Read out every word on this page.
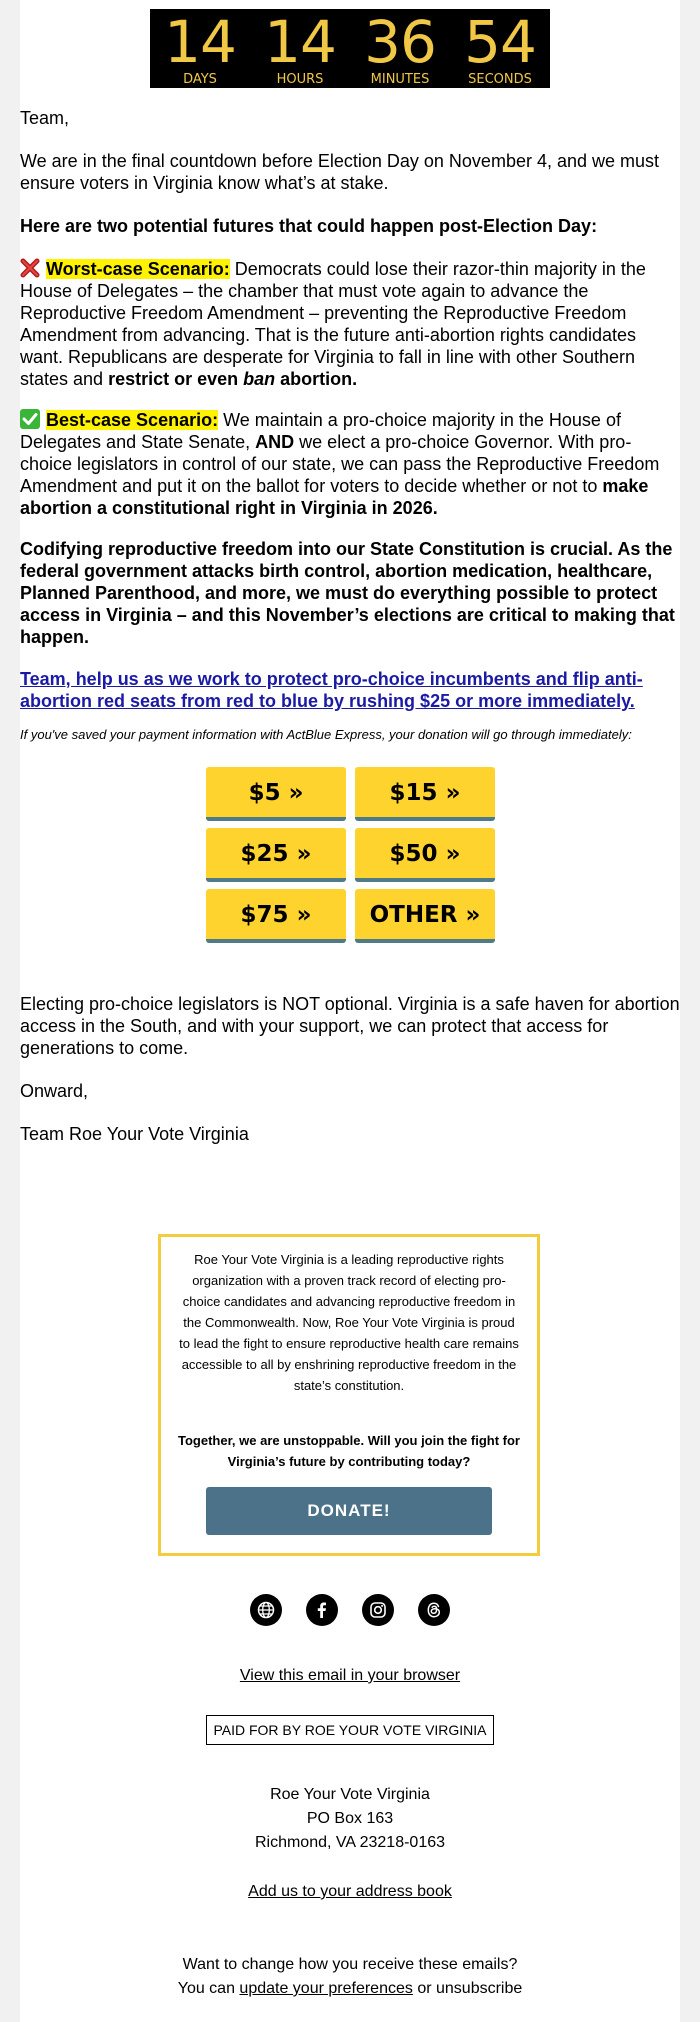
14
DAYS
14
HOURS
36
MINUTES
54
SECONDS
Team,
We are in the final countdown before Election Day on November 4, and we must ensure voters in Virginia know what’s at stake.
Here are two potential futures that could happen post-Election Day:
Worst-case Scenario: Democrats could lose their razor-thin majority in the House of Delegates – the chamber that must vote again to advance the Reproductive Freedom Amendment – preventing the Reproductive Freedom Amendment from advancing. That is the future anti-abortion rights candidates want. Republicans are desperate for Virginia to fall in line with other Southern states and restrict or even ban abortion.
Best-case Scenario: We maintain a pro-choice majority in the House of Delegates and State Senate, AND we elect a pro-choice Governor. With pro-choice legislators in control of our state, we can pass the Reproductive Freedom Amendment and put it on the ballot for voters to decide whether or not to make abortion a constitutional right in Virginia in 2026.
Codifying reproductive freedom into our State Constitution is crucial. As the federal government attacks birth control, abortion medication, healthcare, Planned Parenthood, and more, we must do everything possible to protect access in Virginia – and this November’s elections are critical to making that happen.
Team, help us as we work to protect pro-choice incumbents and flip anti-abortion red seats from red to blue by rushing $25 or more immediately.
If you've saved your payment information with ActBlue Express, your donation will go through immediately:
$5 »	$15 »
$25 »	$50 »
$75 »	OTHER »
Electing pro-choice legislators is NOT optional. Virginia is a safe haven for abortion access in the South, and with your support, we can protect that access for generations to come.
Onward,
Team Roe Your Vote Virginia
Roe Your Vote Virginia is a leading reproductive rights organization with a proven track record of electing pro-choice candidates and advancing reproductive freedom in the Commonwealth. Now, Roe Your Vote Virginia is proud to lead the fight to ensure reproductive health care remains accessible to all by enshrining reproductive freedom in the state’s constitution.
Together, we are unstoppable. Will you join the fight for Virginia’s future by contributing today?
DONATE!
View this email in your browser
PAID FOR BY ROE YOUR VOTE VIRGINIA
Roe Your Vote Virginia
PO Box 163
Richmond, VA 23218-0163
Add us to your address book
Want to change how you receive these emails?
You can update your preferences or unsubscribe
